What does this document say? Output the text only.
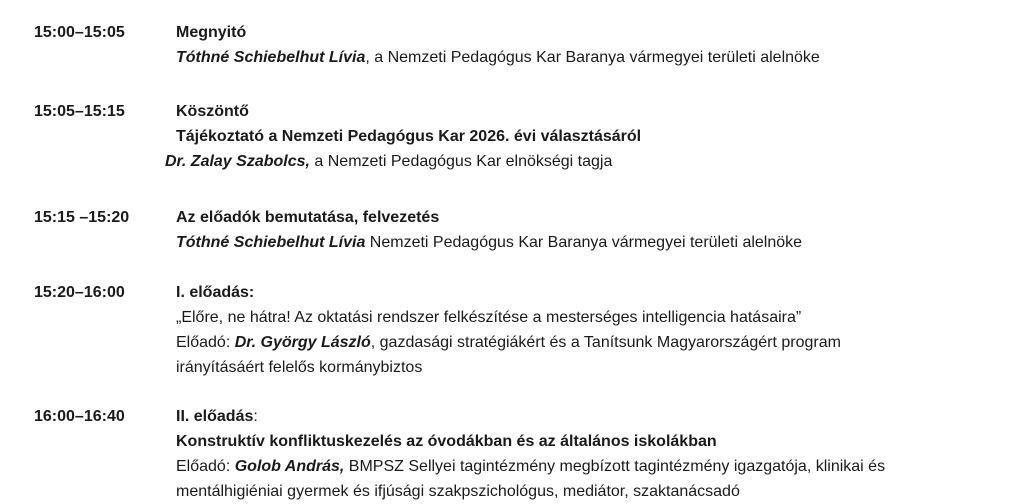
15:00–15:05	Megnyitó
Tóthné Schiebelhut Lívia, a Nemzeti Pedagógus Kar Baranya vármegyei területi alelnöke
15:05–15:15	Köszöntő
Tájékoztató a Nemzeti Pedagógus Kar 2026. évi választásáról
Dr. Zalay Szabolcs, a Nemzeti Pedagógus Kar elnökségi tagja
15:15 –15:20	Az előadók bemutatása, felvezetés
Tóthné Schiebelhut Lívia Nemzeti Pedagógus Kar Baranya vármegyei területi alelnöke
15:20–16:00	I. előadás:
„Előre, ne hátra! Az oktatási rendszer felkészítése a mesterséges intelligencia hatásaira”
Előadó: Dr. György László, gazdasági stratégiákért és a Tanítsunk Magyarországért program
irányításáért felelős kormánybiztos
16:00–16:40	II. előadás:
Konstruktív konfliktuskezelés az óvodákban és az általános iskolákban
Előadó: Golob András, BMPSZ Sellyei tagintézmény megbízott tagintézmény igazgatója, klinikai és
mentálhigiéniai gyermek és ifjúsági szakpszichológus, mediátor, szaktanácsadó
